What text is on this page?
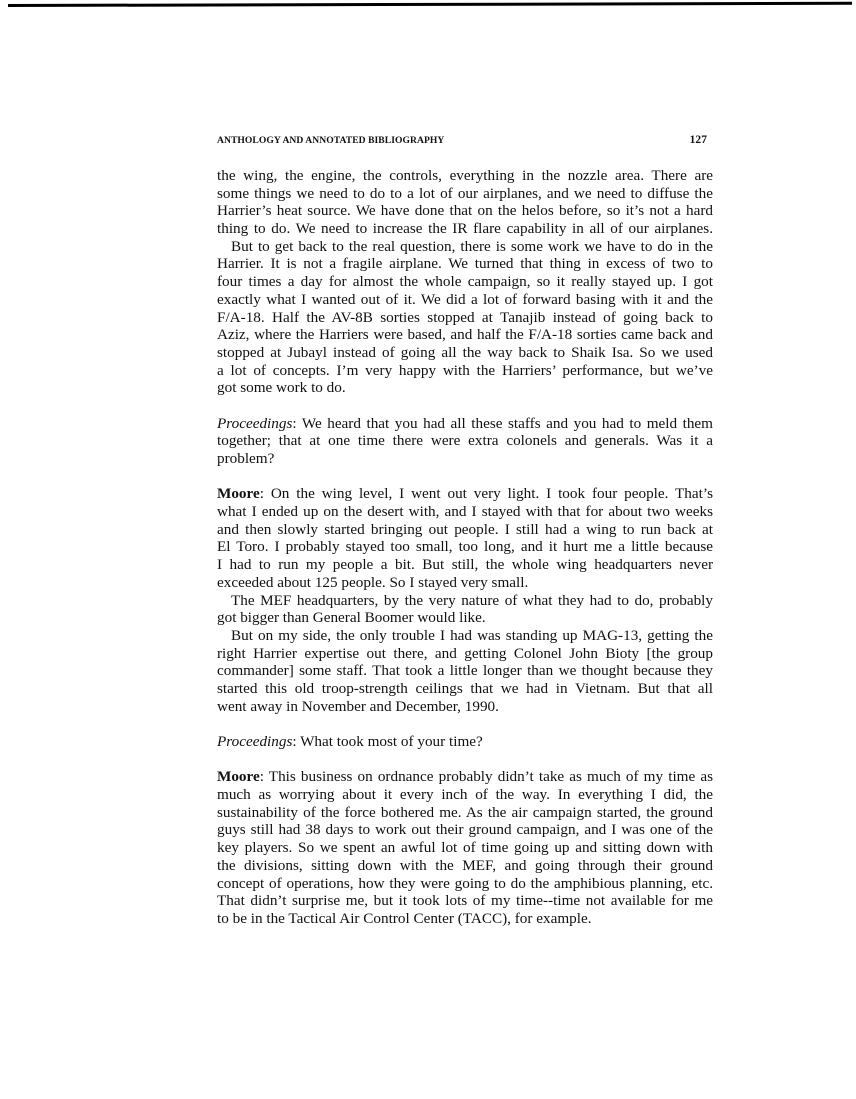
ANTHOLOGY AND ANNOTATED BIBLIOGRAPHY	127
the wing, the engine, the controls, everything in the nozzle area. There are
some things we need to do to a lot of our airplanes, and we need to diffuse the
Harrier’s heat source. We have done that on the helos before, so it’s not a hard
thing to do. We need to increase the IR flare capability in all of our airplanes.
But to get back to the real question, there is some work we have to do in the
Harrier. It is not a fragile airplane. We turned that thing in excess of two to
four times a day for almost the whole campaign, so it really stayed up. I got
exactly what I wanted out of it. We did a lot of forward basing with it and the
F/A-18. Half the AV-8B sorties stopped at Tanajib instead of going back to
Aziz, where the Harriers were based, and half the F/A-18 sorties came back and
stopped at Jubayl instead of going all the way back to Shaik Isa. So we used
a lot of concepts. I’m very happy with the Harriers’ performance, but we’ve
got some work to do.
Proceedings: We heard that you had all these staffs and you had to meld them
together; that at one time there were extra colonels and generals. Was it a
problem?
Moore: On the wing level, I went out very light. I took four people. That’s
what I ended up on the desert with, and I stayed with that for about two weeks
and then slowly started bringing out people. I still had a wing to run back at
El Toro. I probably stayed too small, too long, and it hurt me a little because
I had to run my people a bit. But still, the whole wing headquarters never
exceeded about 125 people. So I stayed very small.
The MEF headquarters, by the very nature of what they had to do, probably
got bigger than General Boomer would like.
But on my side, the only trouble I had was standing up MAG-13, getting the
right Harrier expertise out there, and getting Colonel John Bioty [the group
commander] some staff. That took a little longer than we thought because they
started this old troop-strength ceilings that we had in Vietnam. But that all
went away in November and December, 1990.
Proceedings: What took most of your time?
Moore: This business on ordnance probably didn’t take as much of my time as
much as worrying about it every inch of the way. In everything I did, the
sustainability of the force bothered me. As the air campaign started, the ground
guys still had 38 days to work out their ground campaign, and I was one of the
key players. So we spent an awful lot of time going up and sitting down with
the divisions, sitting down with the MEF, and going through their ground
concept of operations, how they were going to do the amphibious planning, etc.
That didn’t surprise me, but it took lots of my time--time not available for me
to be in the Tactical Air Control Center (TACC), for example.
